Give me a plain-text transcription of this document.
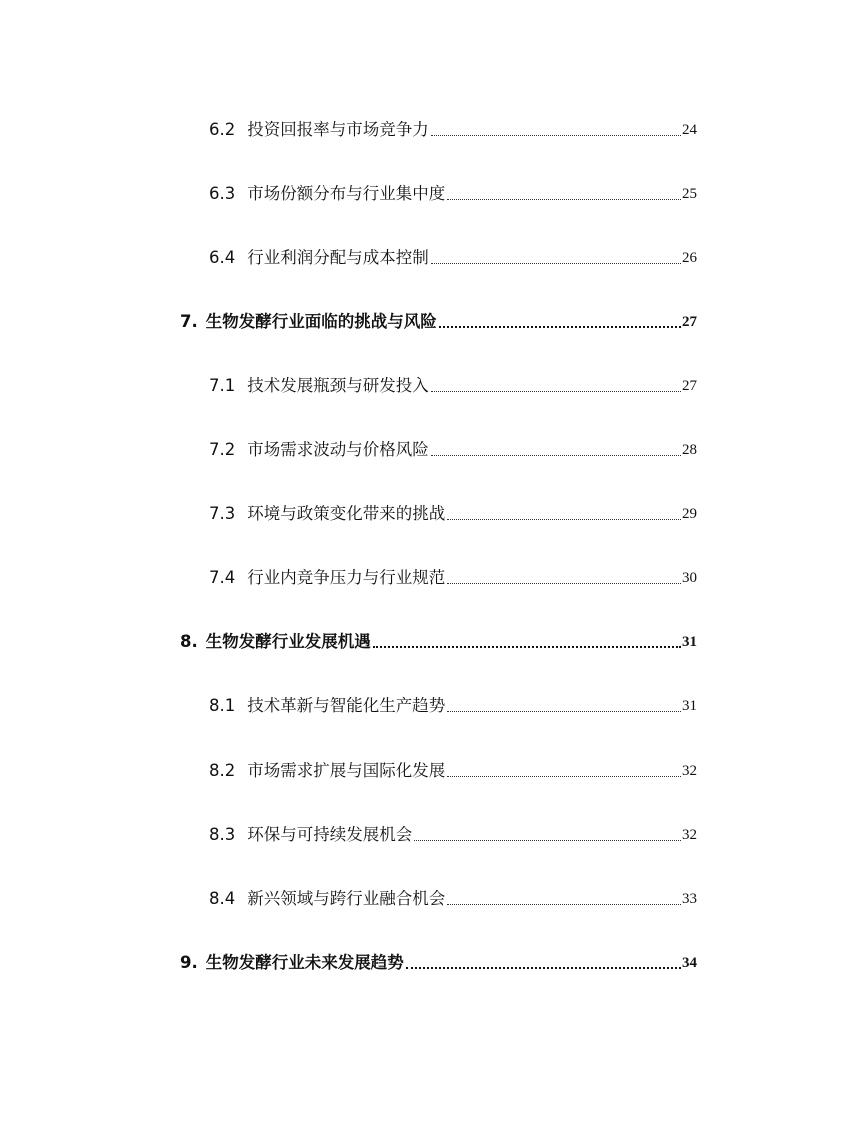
6.2 投资回报率与市场竞争力	24
6.3 市场份额分布与行业集中度	25
6.4 行业利润分配与成本控制	26
7. 生物发酵行业面临的挑战与风险	27
7.1 技术发展瓶颈与研发投入	27
7.2 市场需求波动与价格风险	28
7.3 环境与政策变化带来的挑战	29
7.4 行业内竞争压力与行业规范	30
8. 生物发酵行业发展机遇	31
8.1 技术革新与智能化生产趋势	31
8.2 市场需求扩展与国际化发展	32
8.3 环保与可持续发展机会	32
8.4 新兴领域与跨行业融合机会	33
9. 生物发酵行业未来发展趋势	34
